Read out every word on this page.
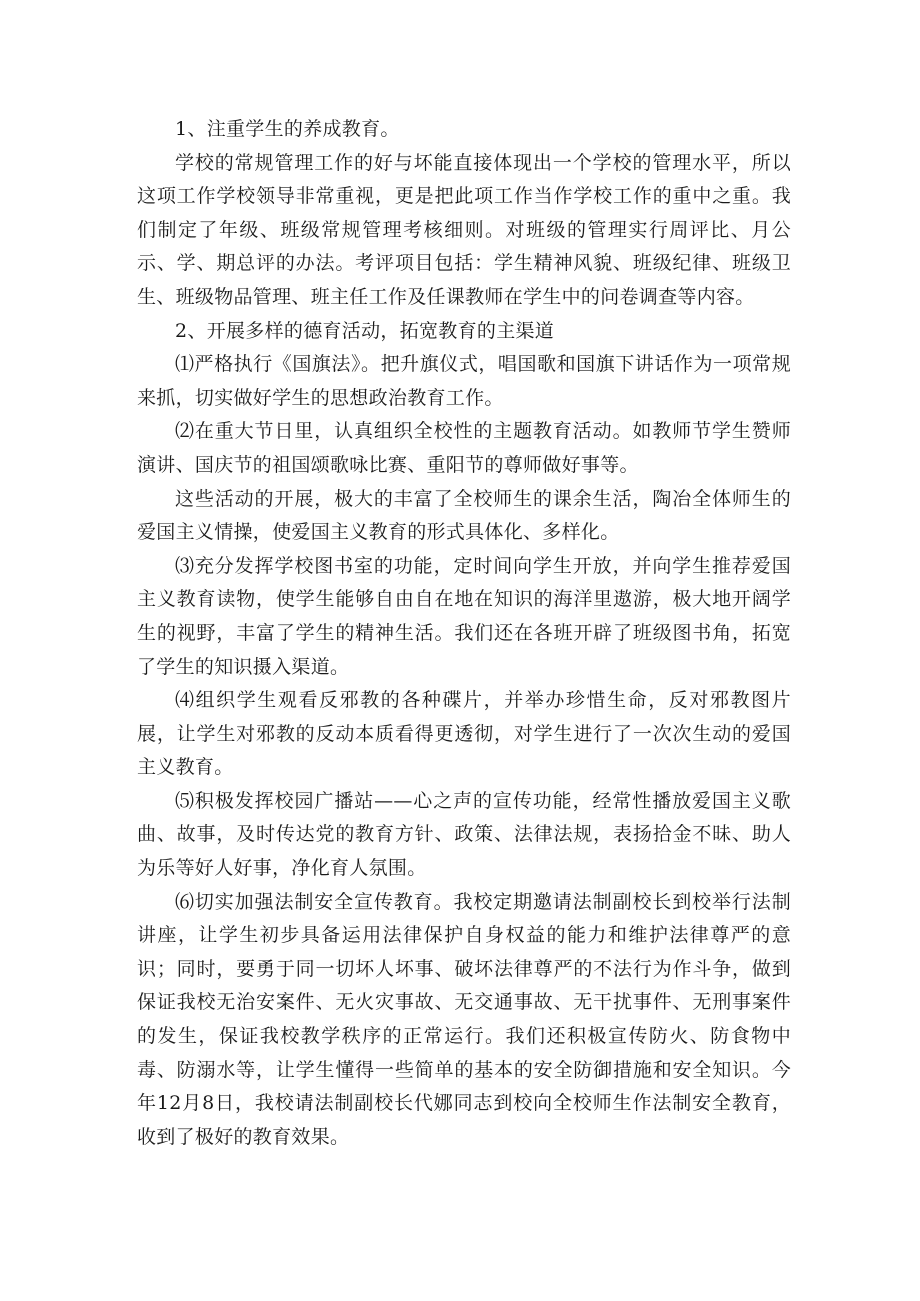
1、注重学生的养成教育。

学校的常规管理工作的好与坏能直接体现出一个学校的管理水平，所以这项工作学校领导非常重视，更是把此项工作当作学校工作的重中之重。我们制定了年级、班级常规管理考核细则。对班级的管理实行周评比、月公示、学、期总评的办法。考评项目包括：学生精神风貌、班级纪律、班级卫生、班级物品管理、班主任工作及任课教师在学生中的问卷调查等内容。

2、开展多样的德育活动，拓宽教育的主渠道

⑴严格执行《国旗法》。把升旗仪式，唱国歌和国旗下讲话作为一项常规来抓，切实做好学生的思想政治教育工作。

⑵在重大节日里，认真组织全校性的主题教育活动。如教师节学生赞师演讲、国庆节的祖国颂歌咏比赛、重阳节的尊师做好事等。

这些活动的开展，极大的丰富了全校师生的课余生活，陶冶全体师生的爱国主义情操，使爱国主义教育的形式具体化、多样化。

⑶充分发挥学校图书室的功能，定时间向学生开放，并向学生推荐爱国主义教育读物，使学生能够自由自在地在知识的海洋里遨游，极大地开阔学生的视野，丰富了学生的精神生活。我们还在各班开辟了班级图书角，拓宽了学生的知识摄入渠道。

⑷组织学生观看反邪教的各种碟片，并举办珍惜生命，反对邪教图片展，让学生对邪教的反动本质看得更透彻，对学生进行了一次次生动的爱国主义教育。

⑸积极发挥校园广播站——心之声的宣传功能，经常性播放爱国主义歌曲、故事，及时传达党的教育方针、政策、法律法规，表扬拾金不昧、助人为乐等好人好事，净化育人氛围。

⑹切实加强法制安全宣传教育。我校定期邀请法制副校长到校举行法制讲座，让学生初步具备运用法律保护自身权益的能力和维护法律尊严的意识；同时，要勇于同一切坏人坏事、破坏法律尊严的不法行为作斗争，做到保证我校无治安案件、无火灾事故、无交通事故、无干扰事件、无刑事案件的发生，保证我校教学秩序的正常运行。我们还积极宣传防火、防食物中毒、防溺水等，让学生懂得一些简单的基本的安全防御措施和安全知识。今年12月8日，我校请法制副校长代娜同志到校向全校师生作法制安全教育，收到了极好的教育效果。
